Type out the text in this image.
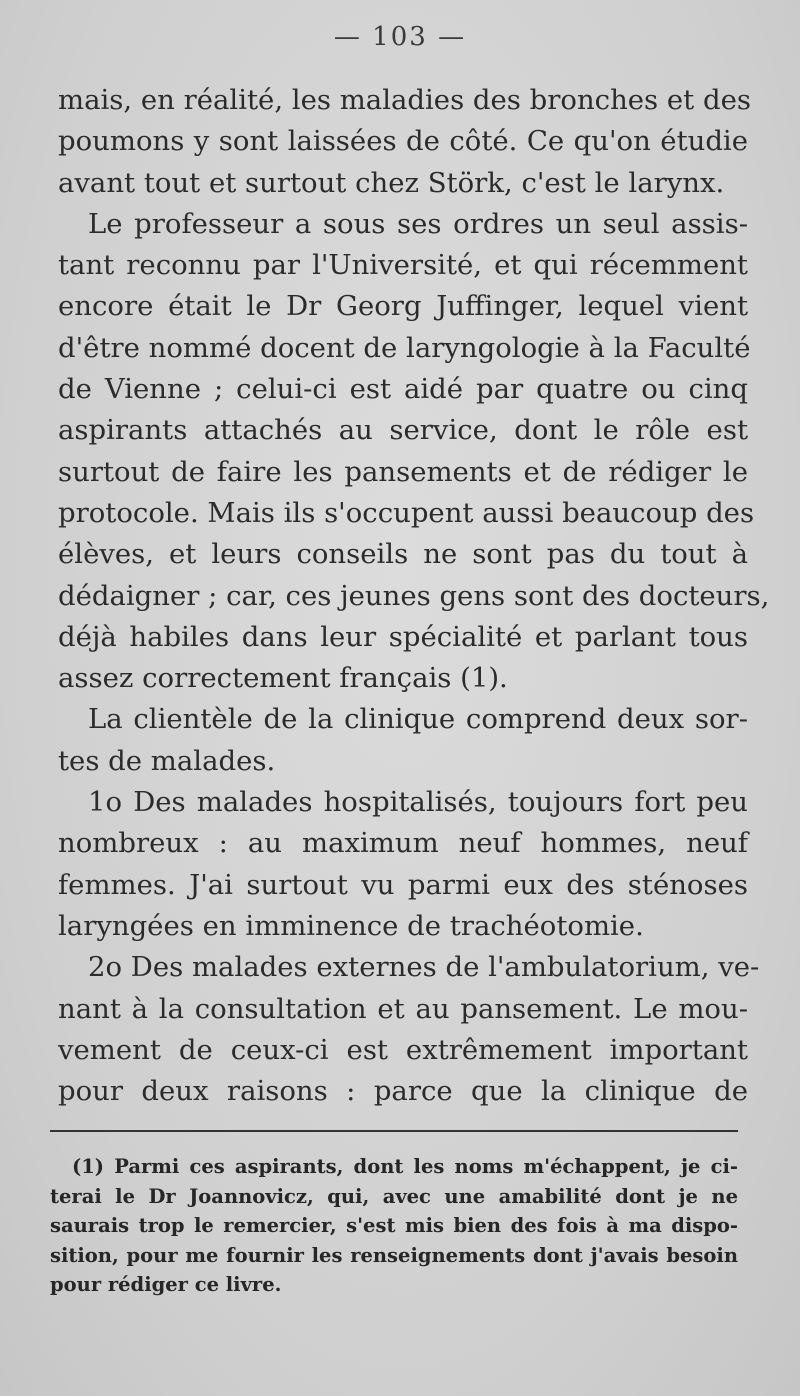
— 103 —
mais, en réalité, les maladies des bronches et des
poumons y sont laissées de côté. Ce qu'on étudie
avant tout et surtout chez Störk, c'est le larynx.
Le professeur a sous ses ordres un seul assis-
tant reconnu par l'Université, et qui récemment
encore était le Dr Georg Juffinger, lequel vient
d'être nommé docent de laryngologie à la Faculté
de Vienne ; celui-ci est aidé par quatre ou cinq
aspirants attachés au service, dont le rôle est
surtout de faire les pansements et de rédiger le
protocole. Mais ils s'occupent aussi beaucoup des
élèves, et leurs conseils ne sont pas du tout à
dédaigner ; car, ces jeunes gens sont des docteurs,
déjà habiles dans leur spécialité et parlant tous
assez correctement français (1).
La clientèle de la clinique comprend deux sor-
tes de malades.
1o Des malades hospitalisés, toujours fort peu
nombreux : au maximum neuf hommes, neuf
femmes. J'ai surtout vu parmi eux des sténoses
laryngées en imminence de trachéotomie.
2o Des malades externes de l'ambulatorium, ve-
nant à la consultation et au pansement. Le mou-
vement de ceux-ci est extrêmement important
pour deux raisons : parce que la clinique de
(1) Parmi ces aspirants, dont les noms m'échappent, je ci-
terai le Dr Joannovicz, qui, avec une amabilité dont je ne
saurais trop le remercier, s'est mis bien des fois à ma dispo-
sition, pour me fournir les renseignements dont j'avais besoin
pour rédiger ce livre.
